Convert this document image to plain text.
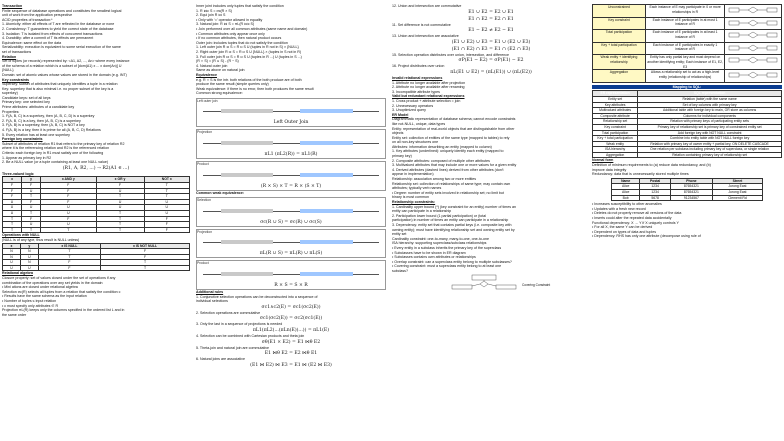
Transaction

Finite sequence of database operations and constitutes the smallest logical

unit of work from the application perspective

ACID properties of transaction:*

1. Atomicity: either all effects of T are reflected in the database or none

2. Consistency: T guarantees to yield the correct state of the database

3. Isolation: T is isolated from effects of concurrent transactions

4. Durability: after a commit of T its effects are permanent

Equivalence: same effect on the data

Serializability: execution is equivalent to some serial execution of the same

set of transactions

Relation

Set of tuples (or records) represented by: <A1, A2, ..., An> where every instance

of the schema of a relation which is a subset of [dom(A1) x ... x dom(An)] U

{NULL}

Domain: set of atomic values whose values are stored in the domain (e.g. INT)

Key constraints

Superkey: subset of attributes that uniquely identifies a tuple in a relation

Key: superkey that is also minimal i.e. no proper subset of the key is a

superkey)

Candidate keys: set of all keys

Primary key: one selected key

Prime attributes: attributes of a candidate key

Properties:

1. F(A, B, C) is a superkey, then (A, B, C, D) is a superkey

2. F(A, B, C) is a key, then (A, B, C) is a superkey

3. F(A, B) is a superkey, then (A, B, C) is NOT a key

4. F(A, B) is a key, then it is prime for all (A, B, C, D) Relations

5. Every relation has at least one superkey

Foreign key constraints

Subset of attributes of relation R1 that refers to the primary key of relation R2

where it is the referencing relation and R2 is the referenced relation

Criteria: each foreign key in R1 must satisfy one of the following

1. Appear as primary key in R2

2. Be a NULL value (or a tuple containing at least one NULL value)

(R1, A, R2, ...) → R2(A1 ∈ ...)

Three-valued logic

x	y	x AND y	x OR y	NOT x
F	F	F	F	T
F	U	F	U	T
F	T	F	T	T
U	F	F	U	U
U	U	U	U	U
U	T	U	T	U
T	F	F	T	F
T	U	U	T	F
T	T	T	T	F

Operations with NULL

(NULL is of any type, thus result is NULL unless)

x	y	x IS NULL	x IS NOT NULL
N	N	T	F
N	U	T	F
U	N	F	T
U	U	F	T

Relational algebra

Closure property: set of values closed under the set of operations if any

combination of the operations over any set yields in the domain

• Mini ations are closed under relational algebra

Selection σc(R) selects all tuples from a relation that satisfy the condition c

• Results have the same schema as the input relation

• Number of tuples ≤ input relation

• c must specify only attributes ∈ R

Projection πL(R) keeps only the columns specified in the ordered list L and in

the same order

Inner joint includes only tuples that satisfy the condition

1. R ⋈c S = σc(R × S)

2. Equi join R ⋈ S

• Only with ‘=’ operator allowed in equality

3. Natural join: R ⋈ S = πL(R ⋈c S)

• Join performed over all common attributes (same name and domain)

• Common attributes only appear once only

• If no common attributes, then natural product occurs

Outer join: includes tuples that do not satisfy the condition

1. Left outer join R ⟕ S = R ⋈ S U (tuples in R not in S) × {NULL}

2. Right outer join R ⟖ S = R ⋈ S U {NULL} × (tuples in S not in R)

3. Full outer join R ⟗ S = R ⋈ S U (tuples in R ...) U (tuples in S ...)

(R ∩ S) = (R ∪ S) - (R − S)

4. Natural outer join

Same as above on natural join

Equivalence

e.g. R ∩ S is the intr. both relations of the both produce are of both

produce the same result (simple queries only)

Weak equivalence: if there is no error, then both produces the same result

Common strong equivalence:

Left outer join
Left Outer Join
Projection
πL1 (πL2(R)) = πL1(R)
Product
(R × S) × T = R × (S × T)

Common weak equivalence:

Selection
σc(R ∪ S) = σc(R) ∪ σc(S)
Projection
πL(R ∪ S) = πL(R) ∪ πL(S)
Product
R × S = S × R

Additional rules

1. Conjunctive selection operations can be deconstructed into a sequence of

individual selections

σc1∧c2(E) = σc1(σc2(E))

2. Selection operations are commutative

σc1(σc2(E)) = σc2(σc1(E))

3. Only the last in a sequence of projections is needed

πL1(πL2(...(πLn(E))...)) = πL1(E)

4. Selection can be combined with Cartesian products and theta join

σθ(E1 × E2) = E1 ⋈θ E2

5. Theta-join and natural join are commutative

E1 ⋈θ E2 = E2 ⋈θ E1

6. Natural joins are associative

(E1 ⋈ E2) ⋈ E3 = E1 ⋈ (E2 ⋈ E3)

12. Union and intersection are commutative

E1 ∪ E2 = E2 ∪ E1
E1 ∩ E2 = E2 ∩ E1

11. Set difference is not commutative

E1 − E2 ≠ E2 − E1

13. Union and intersection are associative

(E1 ∪ E2) ∪ E3 = E1 ∪ (E2 ∪ E3)
(E1 ∩ E2) ∩ E3 = E1 ∩ (E2 ∩ E3)

15. Selection operation distributes over union, intersection, and difference

σP(E1 − E2) = σP(E1) − E2

16. Project distributes over union

πL(E1 ∪ E2) = (πL(E1)) ∪ (πL(E2))

Invalid relational expressions

1. Attribute no longer available after projection

2. Attribute no longer available after renaming

3. Incompatible attribute types

Valid but redundant relational expressions

1. Cross product + attribute selection = join

2. Unnecessary operators

3. Unoptimized query

ER Model

Diagrammatic representation of database schema; cannot encode constraints

like not-NULL, unique, data types

Entity: representation of real-world objects that are distinguishable from other

objects

Entity set: collection of entities of the same type (mapped to tables) to rely

on all non-key structures one

Attributes: information describing an entity (mapped to column)

1. Key attributes (underlined): uniquely identify each entity (mapped to

primary key)

2. Composite attributes: composed of multiple other attributes

3. Multivalued attributes that may include one or more values for a given entity

4. Derived attributes (dashed lines) derived from other attributes (don't

appear in implementation)

Relationship: association among two or more entities

Relationship set: collection of relationships of same type; may contain own

attributes; typically verb names

• Degree: number of entity sets involved in relationship set; no limit but

binary is most common

Relationship constraints:

1. Cardinality upper bound (*) (key constraint for an entity) number of times an

entity can participate in a relationship

2. Participation lower bound (1 partial participation) or (total

participation) in number of times an entity can participate in a relationship

3. Dependency: entity set that contains partial keys (i.e. composite key with

owning entity); must have identifying relationship set and owning entity set by

entity set

Cardinality constraint: one-to-many, many-to-one, one-to-one

ISA hierarchy: supporting superclass/subclass relationships

• Every entity in a subclass inherits the primary key of the superclass

• Subclasses have to be shown in ER diagram

• Subclasses contains own attributes or relationships

• Overlap constraint: can a superclass entity belong to multiple subclasses?

• Covering constraint: must a superclass entity belong to at least one

subclass?

Covering Constraint
Unconstrained	Each instance of E may participate in 0 or more relationships in R	
Key constraint	Each instance of E participates in at most 1 instance of R	
Total participation	Each instance of E participates in at least 1 instance of R	
Key + total participation	Each instance of E participates in exactly 1 instance of R	
Weak entity + identifying relationship	Entity has only partial key and must depend on another identifying entity; Each instance of E1, E2, E3	
Aggregation	Allows a relationship set to act as a high-level entity (relationship of relationships)	
Mapping to SQL:
ER representation	SQL representation
Entity set	Relation (table) with the same name
Key attributes	Set of key columns with primary key
Multivalued attributes	Additional table with foreign key to main, OR store as columns
Composite attribute	Columns for individual components
Relationship set	Relation with primary keys of participating entity sets
Key constraint	Primary key of relationship set is primary key of constrained entity set
Total participation	Add foreign key with NOT NULL constraint
Key + total participation	Combine into entity table with NOT NULL foreign key
Weak entity	Relation with primary key of owner entity + partial key, ON DELETE CASCADE
ISA hierarchy	One relation per subclass including primary key of superclass, or single relation
Aggregation	Relation containing primary key of relationship set

Normal form

Definition of minimum requirements to (a) reduce data redundancy, and (b)

improve data integrity

Redundancy: data that is unnecessarily stored multiple times

Name	Postal	Phone	Street
Alice	1234	87654321	Jurong East
Alice	1234	87654321	Jurong East
Bob	5678	91234567	Clementi Rd

• Increases susceptibility to other anomalies

• Updates with a fresh new record

• Deletes do not properly remove all versions of the data

• Inserts could alter the repeated data accidentally

Functional dependency: X → Y if X uniquely controls Y

• For all X, the same Y can be derived

• Dependent on types of data and tuples

• Dependency: RHS has only one attribute (decompose using rule of
